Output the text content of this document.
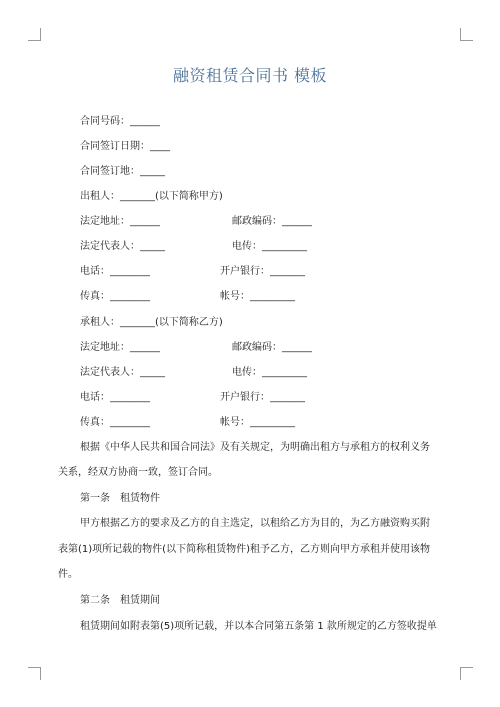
融资租赁合同书 模板
合同号码：______
合同签订日期：____
合同签订地：_____
出租人：_______(以下简称甲方)
法定地址：______	邮政编码：______
法定代表人：_____	电传：_________
电话：________	开户银行：_______
传真：________	帐号：_________
承租人：_______(以下简称乙方)
法定地址：______	邮政编码：______
法定代表人：_____	电传：_________
电话：________	开户银行：_______
传真：________	帐号：_________
根据《中华人民共和国合同法》及有关规定，为明确出租方与承租方的权利义务
关系，经双方协商一致，签订合同。
第一条　租赁物件
甲方根据乙方的要求及乙方的自主选定，以租给乙方为目的，为乙方融资购买附
表第(1)项所记载的物件(以下简称租赁物件)租予乙方，乙方则向甲方承租并使用该物
件。
第二条　租赁期间
租赁期间如附表第(5)项所记载，并以本合同第五条第 1 款所规定的乙方签收提单
